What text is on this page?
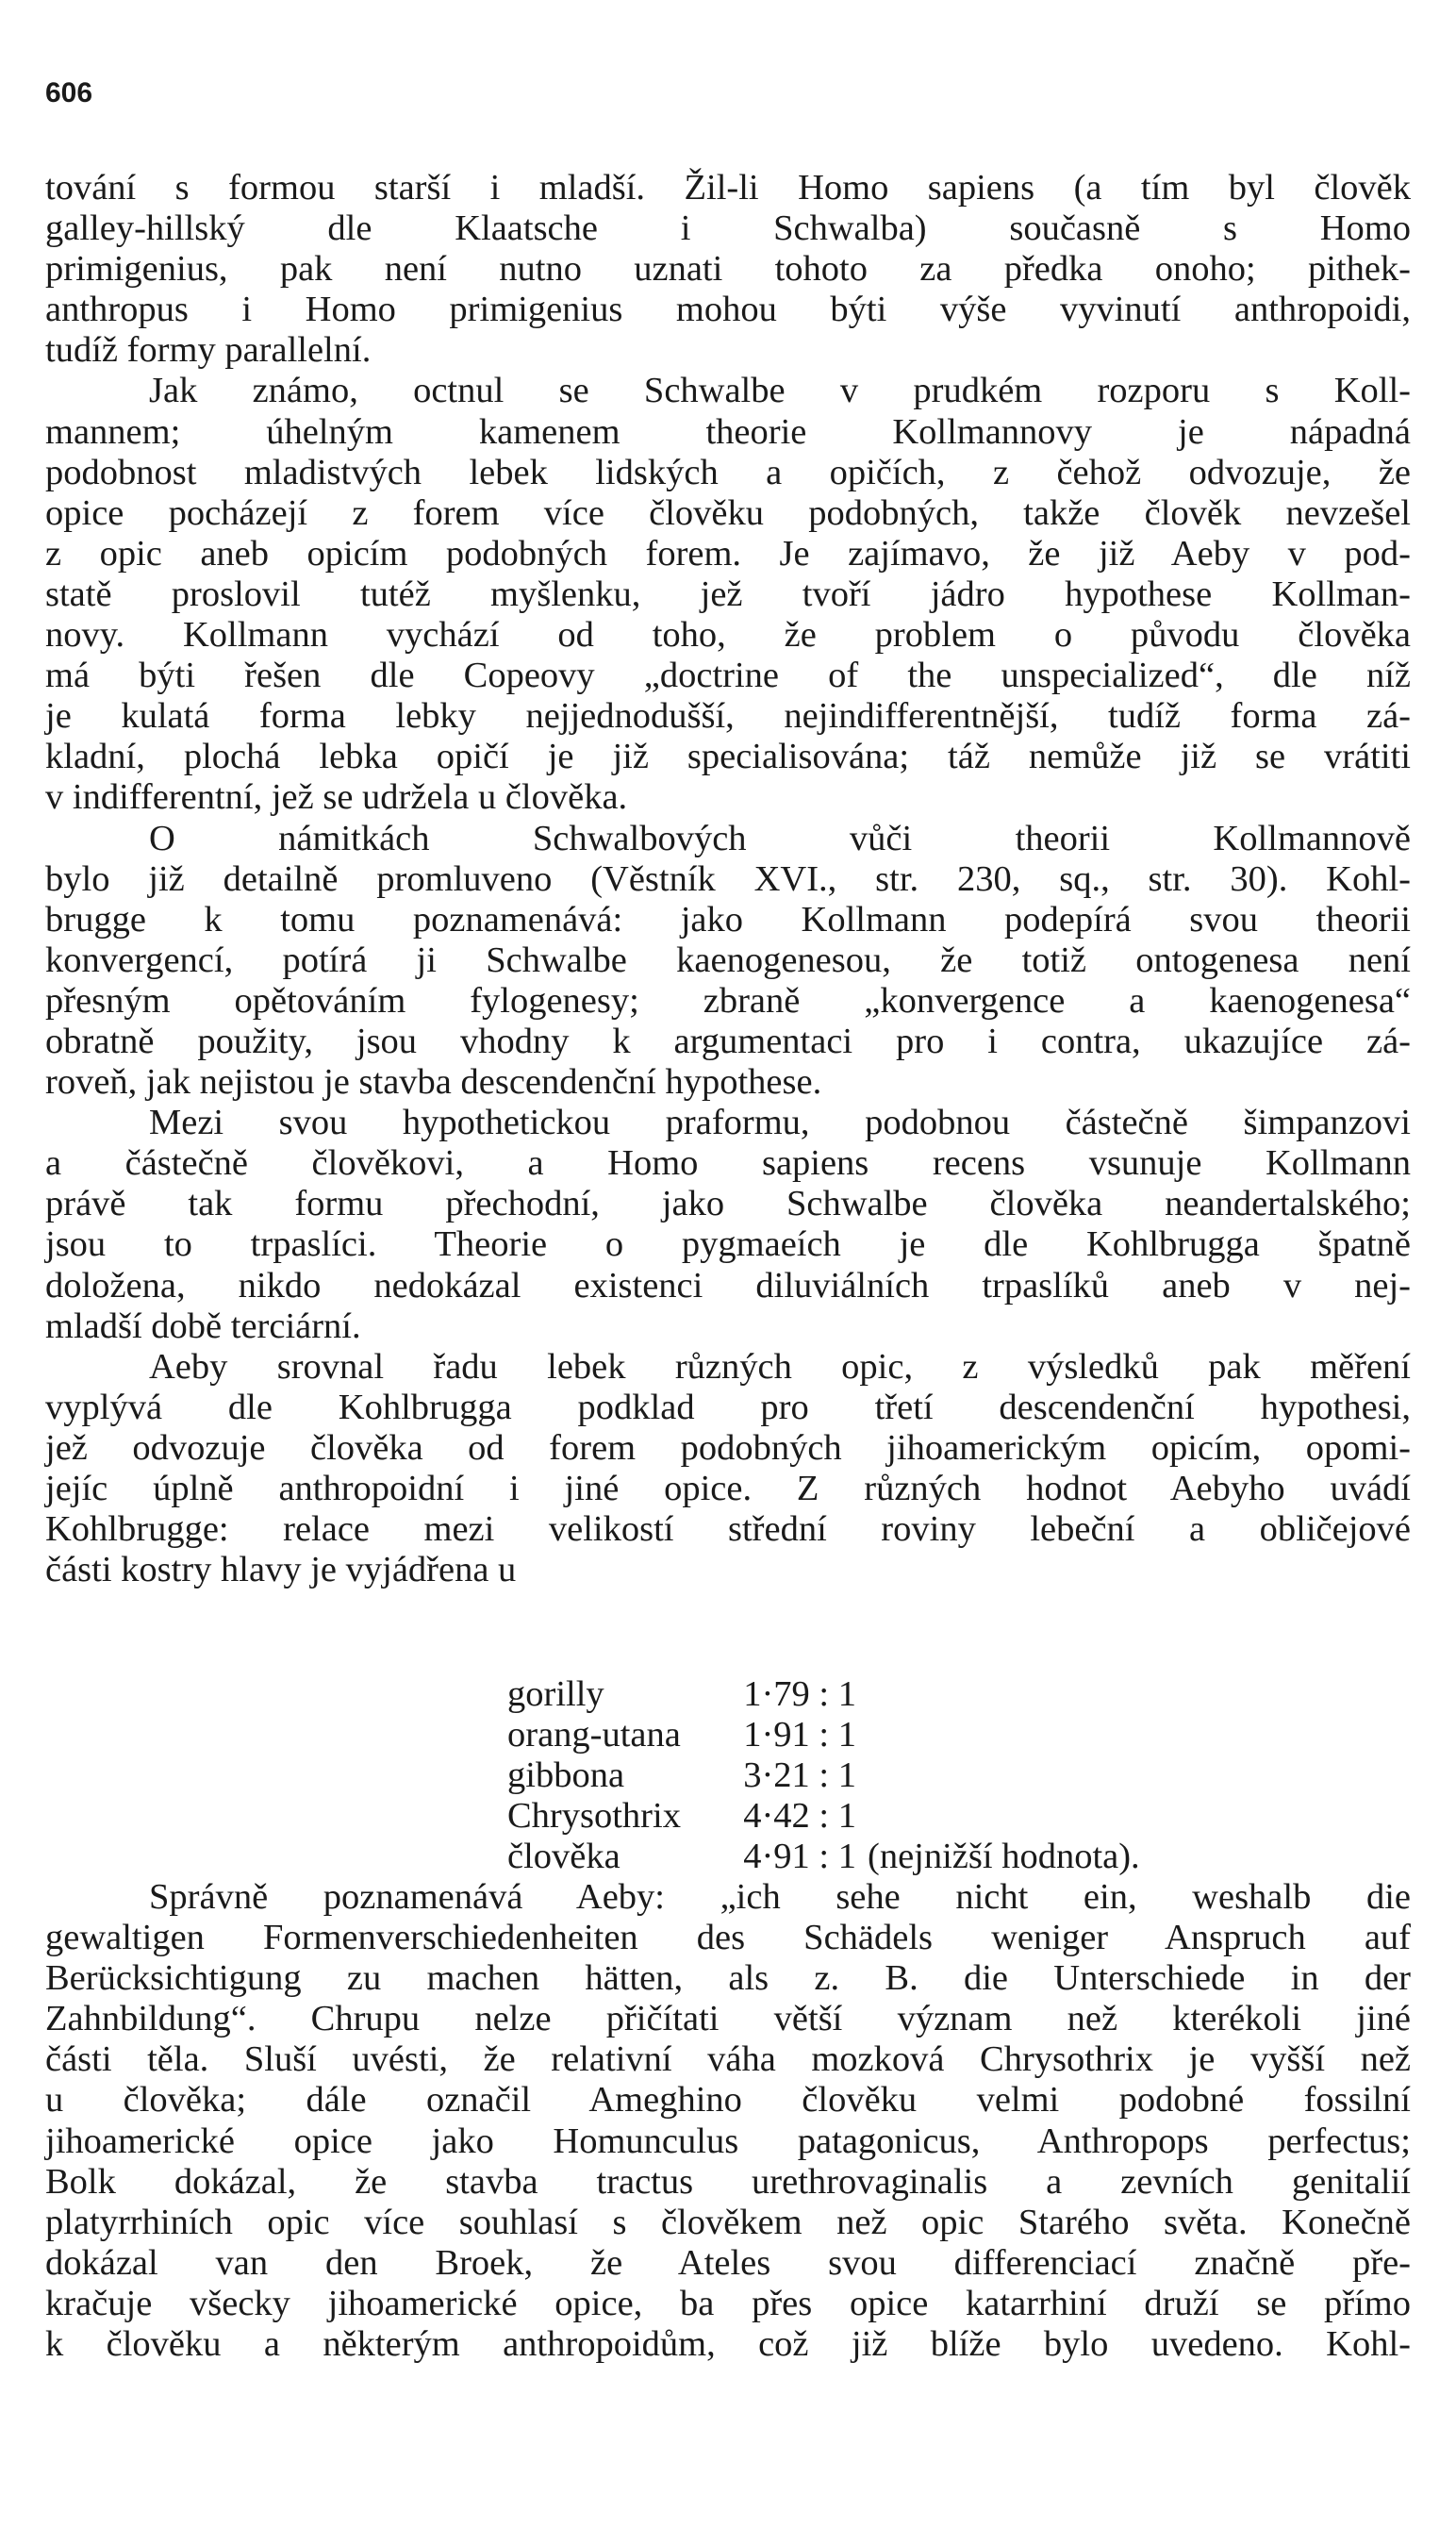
606
tování s formou starší i mladší. Žil-li Homo sapiens (a tím byl člověk
galley-hillský dle Klaatsche i Schwalba) současně s Homo
primigenius, pak není nutno uznati tohoto za předka onoho; pithek-
anthropus i Homo primigenius mohou býti výše vyvinutí anthropoidi,
tudíž formy parallelní.
Jak známo, octnul se Schwalbe v prudkém rozporu s Koll-
mannem; úhelným kamenem theorie Kollmannovy je nápadná
podobnost mladistvých lebek lidských a opičích, z čehož odvozuje, že
opice pocházejí z forem více člověku podobných, takže člověk nevzešel
z opic aneb opicím podobných forem. Je zajímavo, že již Aeby v pod-
statě proslovil tutéž myšlenku, jež tvoří jádro hypothese Kollman-
novy. Kollmann vychází od toho, že problem o původu člověka
má býti řešen dle Copeovy „doctrine of the unspecialized“, dle níž
je kulatá forma lebky nejjednodušší, nejindifferentnější, tudíž forma zá-
kladní, plochá lebka opičí je již specialisována; táž nemůže již se vrátiti
v indifferentní, jež se udržela u člověka.
O námitkách Schwalbových vůči theorii Kollmannově
bylo již detailně promluveno (Věstník XVI., str. 230, sq., str. 30). Kohl-
brugge k tomu poznamenává: jako Kollmann podepírá svou theorii
konvergencí, potírá ji Schwalbe kaenogenesou, že totiž ontogenesa není
přesným opětováním fylogenesy; zbraně „konvergence a kaenogenesa“
obratně použity, jsou vhodny k argumentaci pro i contra, ukazujíce zá-
roveň, jak nejistou je stavba descendenční hypothese.
Mezi svou hypothetickou praformu, podobnou částečně šimpanzovi
a částečně člověkovi, a Homo sapiens recens vsunuje Kollmann
právě tak formu přechodní, jako Schwalbe člověka neandertalského;
jsou to trpaslíci. Theorie o pygmaeích je dle Kohlbrugga špatně
doložena, nikdo nedokázal existenci diluviálních trpaslíků aneb v nej-
mladší době terciární.
Aeby srovnal řadu lebek různých opic, z výsledků pak měření
vyplývá dle Kohlbrugga podklad pro třetí descendenční hypothesi,
jež odvozuje člověka od forem podobných jihoamerickým opicím, opomi-
jejíc úplně anthropoidní i jiné opice. Z různých hodnot Aebyho uvádí
Kohlbrugge: relace mezi velikostí střední roviny lebeční a obličejové
části kostry hlavy je vyjádřena u
gorilly	1·79 : 1
orang-utana	1·91 : 1
gibbona	3·21 : 1
Chrysothrix	4·42 : 1
člověka	4·91 : 1 (nejnižší hodnota).
Správně poznamenává Aeby: „ich sehe nicht ein, weshalb die
gewaltigen Formenverschiedenheiten des Schädels weniger Anspruch auf
Berücksichtigung zu machen hätten, als z. B. die Unterschiede in der
Zahnbildung“. Chrupu nelze přičítati větší význam než kterékoli jiné
části těla. Sluší uvésti, že relativní váha mozková Chrysothrix je vyšší než
u člověka; dále označil Ameghino člověku velmi podobné fossilní
jihoamerické opice jako Homunculus patagonicus, Anthropops perfectus;
Bolk dokázal, že stavba tractus urethrovaginalis a zevních genitalií
platyrrhiních opic více souhlasí s člověkem než opic Starého světa. Konečně
dokázal van den Broek, že Ateles svou differenciací značně pře-
kračuje všecky jihoamerické opice, ba přes opice katarrhiní druží se přímo
k člověku a některým anthropoidům, což již blíže bylo uvedeno. Kohl-
